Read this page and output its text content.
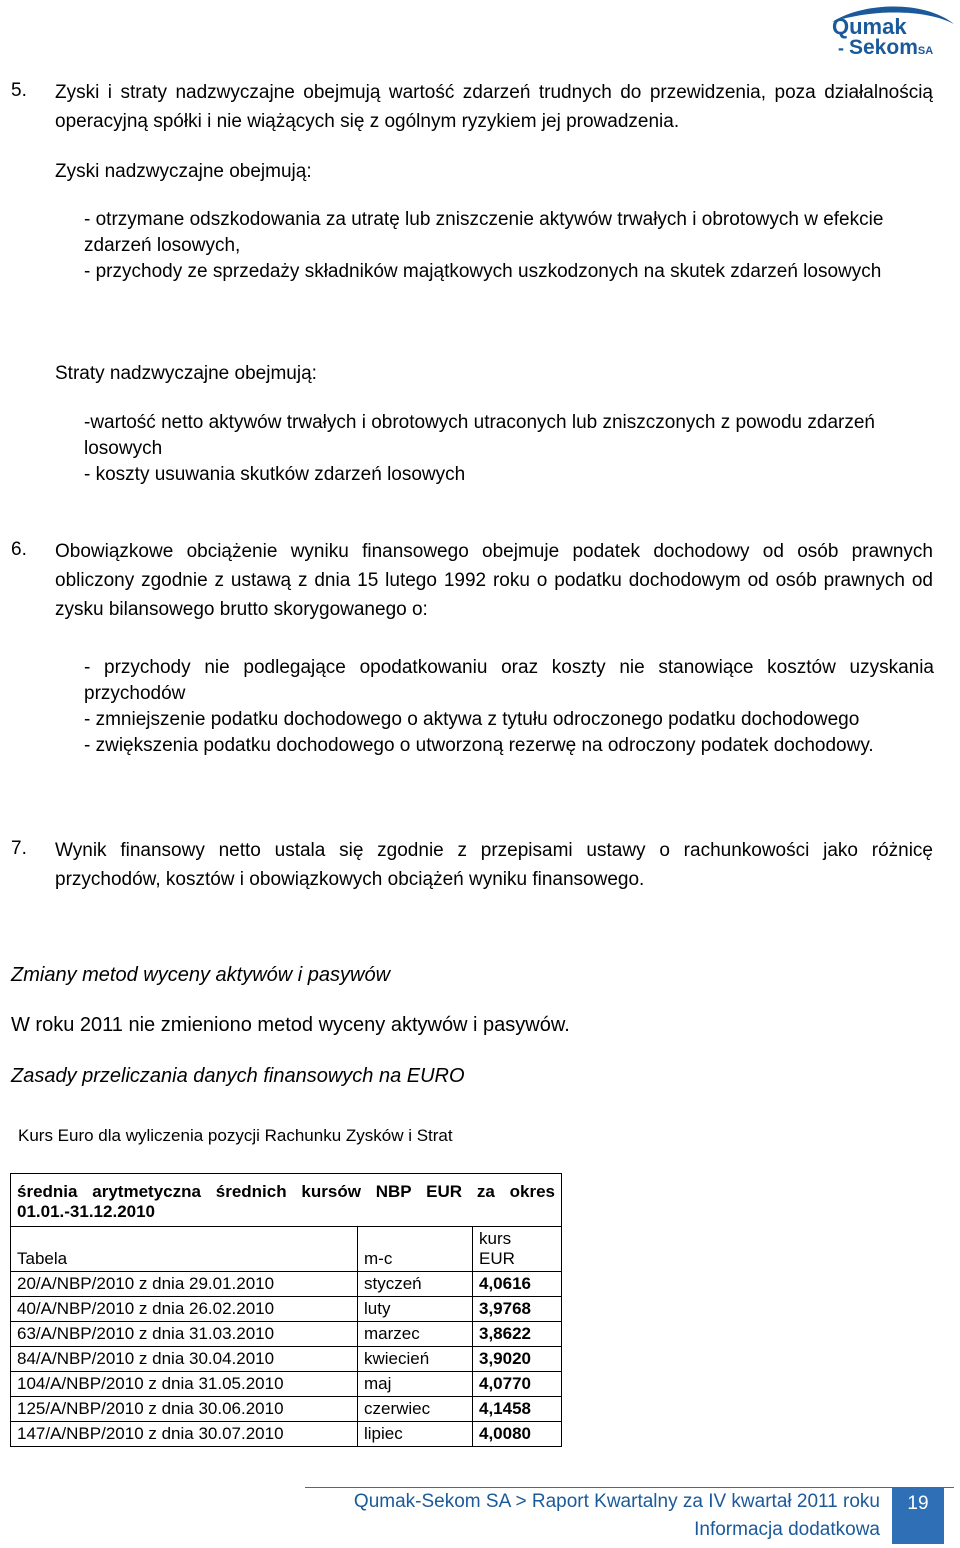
Qumak
- SekomSA
5. Zyski i straty nadzwyczajne obejmują wartość zdarzeń trudnych do przewidzenia, poza działalnością operacyjną spółki i nie wiążących się z ogólnym ryzykiem jej prowadzenia.

Zyski nadzwyczajne obejmują:

- otrzymane odszkodowania za utratę lub zniszczenie aktywów trwałych i obrotowych w efekcie zdarzeń losowych,

- przychody ze sprzedaży składników majątkowych uszkodzonych na skutek zdarzeń losowych

Straty nadzwyczajne obejmują:

-wartość netto aktywów trwałych i obrotowych utraconych lub zniszczonych z powodu zdarzeń losowych

- koszty usuwania skutków zdarzeń losowych

6. Obowiązkowe obciążenie wyniku finansowego obejmuje podatek dochodowy od osób prawnych obliczony zgodnie z ustawą z dnia 15 lutego 1992 roku o podatku dochodowym od osób prawnych od zysku bilansowego brutto skorygowanego o:

- przychody nie podlegające opodatkowaniu oraz koszty nie stanowiące kosztów uzyskania przychodów

- zmniejszenie podatku dochodowego o aktywa z tytułu odroczonego podatku dochodowego

- zwiększenia podatku dochodowego o utworzoną rezerwę na odroczony podatek dochodowy.

7. Wynik finansowy netto ustala się zgodnie z przepisami ustawy o rachunkowości jako różnicę przychodów, kosztów i obowiązkowych obciążeń wyniku finansowego.

Zmiany metod wyceny aktywów i pasywów
W roku 2011 nie zmieniono metod wyceny aktywów i pasywów.
Zasady przeliczania danych finansowych na EURO
Kurs Euro dla wyliczenia pozycji Rachunku Zysków i Strat
średnia arytmetyczna średnich kursów NBP EUR za okres 01.01.-31.12.2010		
Tabela	m-c	kurs
EUR
20/A/NBP/2010 z dnia 29.01.2010	styczeń	4,0616
40/A/NBP/2010 z dnia 26.02.2010	luty	3,9768
63/A/NBP/2010 z dnia 31.03.2010	marzec	3,8622
84/A/NBP/2010 z dnia 30.04.2010	kwiecień	3,9020
104/A/NBP/2010 z dnia 31.05.2010	maj	4,0770
125/A/NBP/2010 z dnia 30.06.2010	czerwiec	4,1458
147/A/NBP/2010 z dnia 30.07.2010	lipiec	4,0080
Qumak-Sekom SA > Raport Kwartalny za IV kwartał 2011 roku
Informacja dodatkowa
19
